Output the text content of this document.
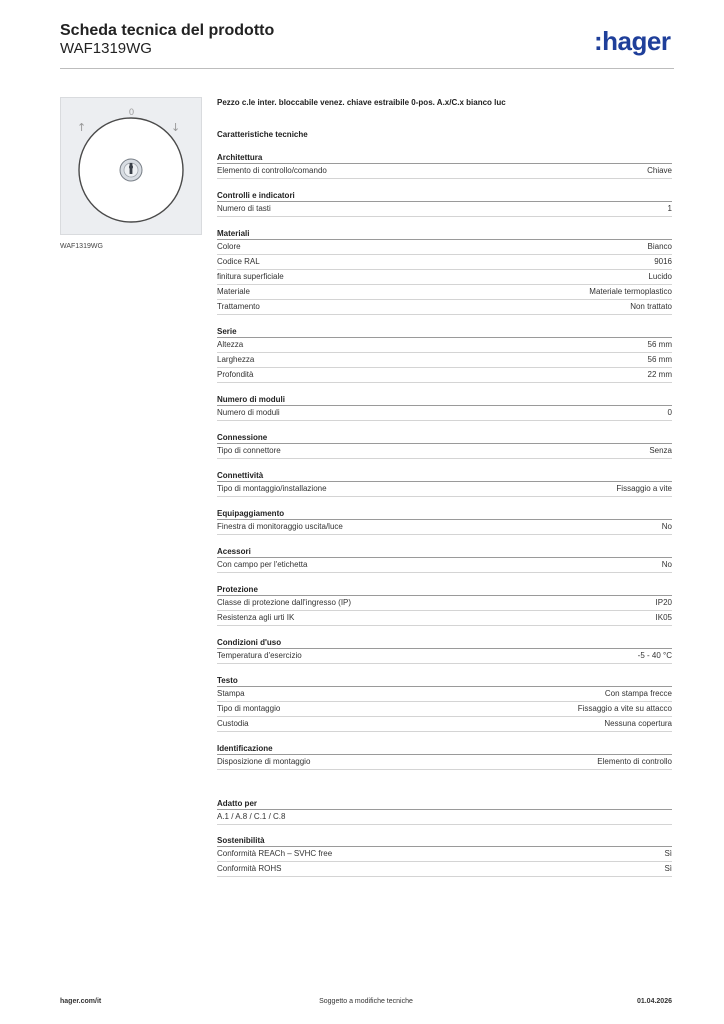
Scheda tecnica del prodotto
WAF1319WG	:hager
0
↑	↓
WAF1319WG
Pezzo c.le inter. bloccabile venez. chiave estraibile 0-pos. A.x/C.x bianco luc
Caratteristiche tecniche
Architettura
Elemento di controllo/comando	Chiave
Controlli e indicatori
Numero di tasti	1
Materiali
Colore	Bianco
Codice RAL	9016
finitura superficiale	Lucido
Materiale	Materiale termoplastico
Trattamento	Non trattato
Serie
Altezza	56 mm
Larghezza	56 mm
Profondità	22 mm
Numero di moduli
Numero di moduli	0
Connessione
Tipo di connettore	Senza
Connettività
Tipo di montaggio/installazione	Fissaggio a vite
Equipaggiamento
Finestra di monitoraggio uscita/luce	No
Acessori
Con campo per l'etichetta	No
Protezione
Classe di protezione dall'ingresso (IP)	IP20
Resistenza agli urti IK	IK05
Condizioni d'uso
Temperatura d'esercizio	-5 - 40 °C
Testo
Stampa	Con stampa frecce
Tipo di montaggio	Fissaggio a vite su attacco
Custodia	Nessuna copertura
Identificazione
Disposizione di montaggio	Elemento di controllo
Adatto per
A.1 / A.8 / C.1 / C.8
Sostenibilità
Conformità REACh – SVHC free	Sì
Conformità ROHS	Sì
hager.com/it	Soggetto a modifiche tecniche	01.04.2026
